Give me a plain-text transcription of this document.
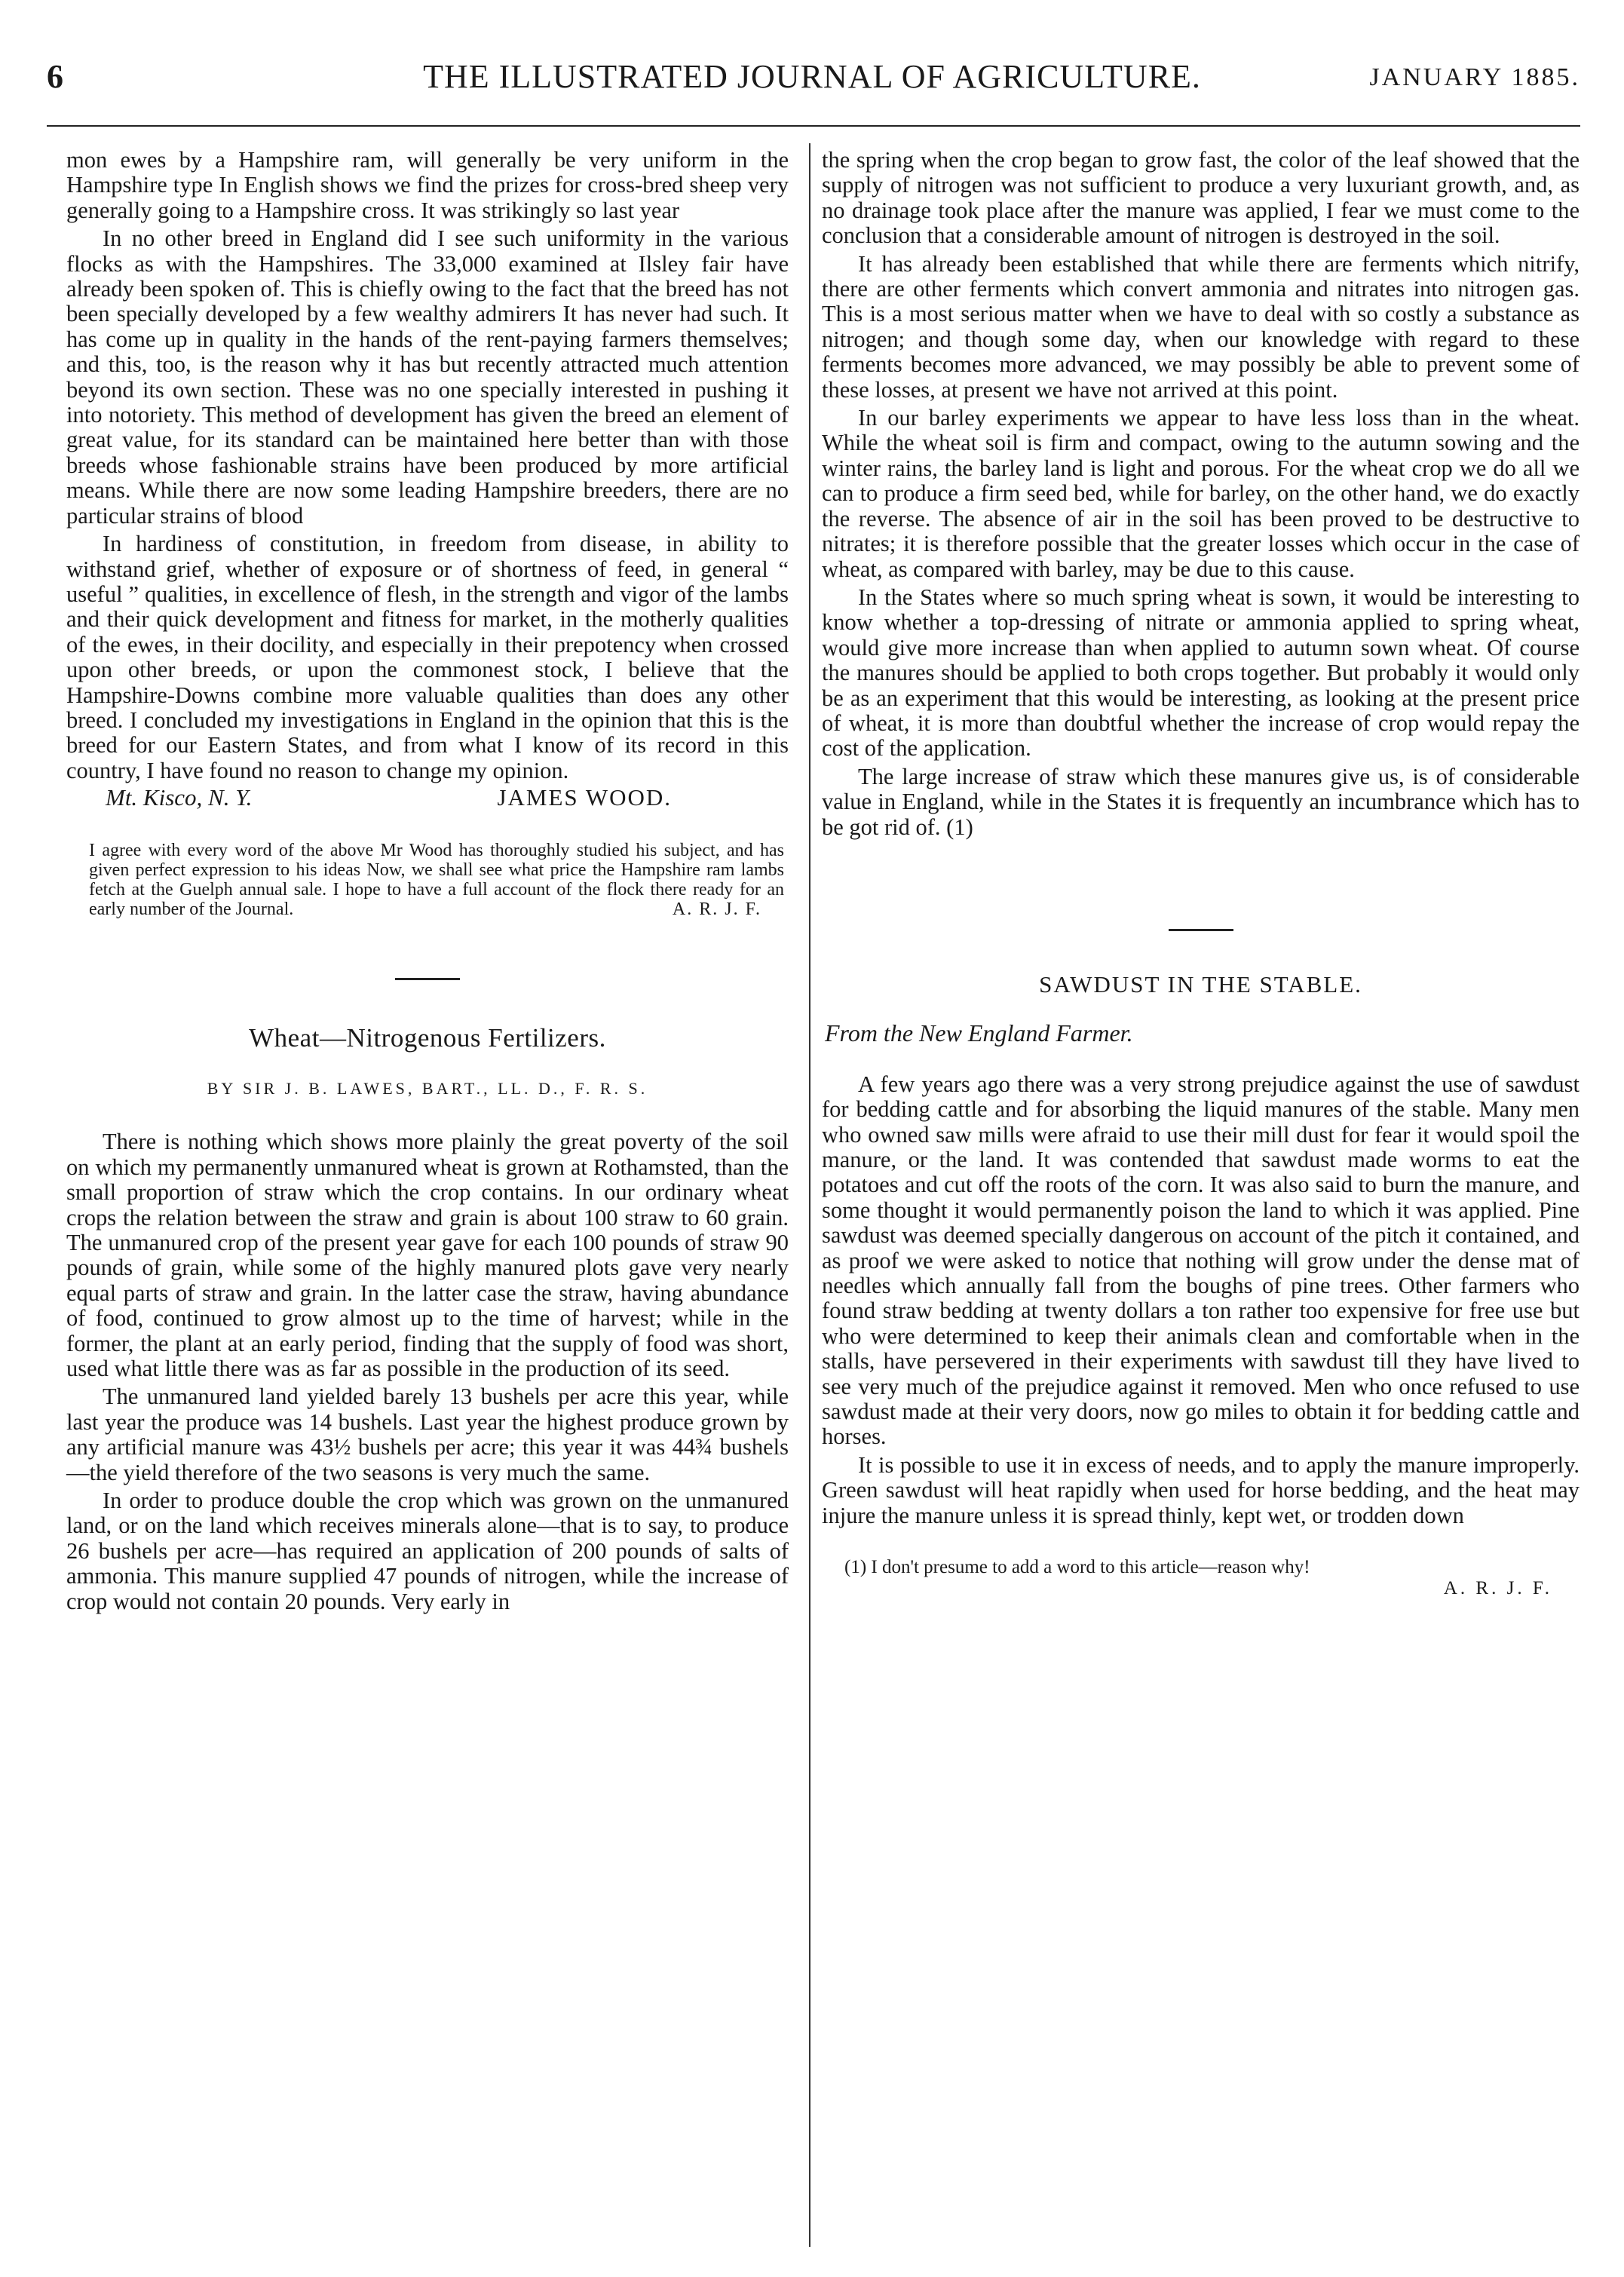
6	THE ILLUSTRATED JOURNAL OF AGRICULTURE.	JANUARY 1885.

mon ewes by a Hampshire ram, will generally be very uniform in the Hampshire type In English shows we find the prizes for cross-bred sheep very generally going to a Hampshire cross. It was strikingly so last year

In no other breed in England did I see such uniformity in the various flocks as with the Hampshires. The 33,000 examined at Ilsley fair have already been spoken of. This is chiefly owing to the fact that the breed has not been specially developed by a few wealthy admirers It has never had such. It has come up in quality in the hands of the rent-paying farmers themselves; and this, too, is the reason why it has but recently attracted much attention beyond its own section. These was no one specially interested in pushing it into notoriety. This method of development has given the breed an element of great value, for its standard can be maintained here better than with those breeds whose fashionable strains have been produced by more artificial means. While there are now some leading Hampshire breeders, there are no particular strains of blood

In hardiness of constitution, in freedom from disease, in ability to withstand grief, whether of exposure or of shortness of feed, in general “ useful ” qualities, in excellence of flesh, in the strength and vigor of the lambs and their quick development and fitness for market, in the motherly qualities of the ewes, in their docility, and especially in their prepotency when crossed upon other breeds, or upon the commonest stock, I believe that the Hampshire-Downs combine more valuable qualities than does any other breed. I concluded my investigations in England in the opinion that this is the breed for our Eastern States, and from what I know of its record in this country, I have found no reason to change my opinion.

Mt. Kisco, N. Y.	JAMES WOOD.
I agree with every word of the above Mr Wood has thoroughly studied his subject, and has given perfect expression to his ideas Now, we shall see what price the Hampshire ram lambs fetch at the Guelph annual sale. I hope to have a full account of the flock there ready for an early number of the Journal.	A. R. J. F.
Wheat—Nitrogenous Fertilizers.
BY SIR J. B. LAWES, BART., LL. D., F. R. S.

There is nothing which shows more plainly the great poverty of the soil on which my permanently unmanured wheat is grown at Rothamsted, than the small proportion of straw which the crop contains. In our ordinary wheat crops the relation between the straw and grain is about 100 straw to 60 grain. The unmanured crop of the present year gave for each 100 pounds of straw 90 pounds of grain, while some of the highly manured plots gave very nearly equal parts of straw and grain. In the latter case the straw, having abundance of food, continued to grow almost up to the time of harvest; while in the former, the plant at an early period, finding that the supply of food was short, used what little there was as far as possible in the production of its seed.

The unmanured land yielded barely 13 bushels per acre this year, while last year the produce was 14 bushels. Last year the highest produce grown by any artificial manure was 43½ bushels per acre; this year it was 44¾ bushels—the yield therefore of the two seasons is very much the same.

In order to produce double the crop which was grown on the unmanured land, or on the land which receives minerals alone—that is to say, to produce 26 bushels per acre—has required an application of 200 pounds of salts of ammonia. This manure supplied 47 pounds of nitrogen, while the increase of crop would not contain 20 pounds. Very early in

the spring when the crop began to grow fast, the color of the leaf showed that the supply of nitrogen was not sufficient to produce a very luxuriant growth, and, as no drainage took place after the manure was applied, I fear we must come to the conclusion that a considerable amount of nitrogen is destroyed in the soil.

It has already been established that while there are ferments which nitrify, there are other ferments which convert ammonia and nitrates into nitrogen gas. This is a most serious matter when we have to deal with so costly a substance as nitrogen; and though some day, when our knowledge with regard to these ferments becomes more advanced, we may possibly be able to prevent some of these losses, at present we have not arrived at this point.

In our barley experiments we appear to have less loss than in the wheat. While the wheat soil is firm and compact, owing to the autumn sowing and the winter rains, the barley land is light and porous. For the wheat crop we do all we can to produce a firm seed bed, while for barley, on the other hand, we do exactly the reverse. The absence of air in the soil has been proved to be destructive to nitrates; it is therefore possible that the greater losses which occur in the case of wheat, as compared with barley, may be due to this cause.

In the States where so much spring wheat is sown, it would be interesting to know whether a top-dressing of nitrate or ammonia applied to spring wheat, would give more increase than when applied to autumn sown wheat. Of course the manures should be applied to both crops together. But probably it would only be as an experiment that this would be interesting, as looking at the present price of wheat, it is more than doubtful whether the increase of crop would repay the cost of the application.

The large increase of straw which these manures give us, is of considerable value in England, while in the States it is frequently an incumbrance which has to be got rid of. (1)

SAWDUST IN THE STABLE.
From the New England Farmer.

A few years ago there was a very strong prejudice against the use of sawdust for bedding cattle and for absorbing the liquid manures of the stable. Many men who owned saw mills were afraid to use their mill dust for fear it would spoil the manure, or the land. It was contended that sawdust made worms to eat the potatoes and cut off the roots of the corn. It was also said to burn the manure, and some thought it would permanently poison the land to which it was applied. Pine sawdust was deemed specially dangerous on account of the pitch it contained, and as proof we were asked to notice that nothing will grow under the dense mat of needles which annually fall from the boughs of pine trees. Other farmers who found straw bedding at twenty dollars a ton rather too expensive for free use but who were determined to keep their animals clean and comfortable when in the stalls, have persevered in their experiments with sawdust till they have lived to see very much of the prejudice against it removed. Men who once refused to use sawdust made at their very doors, now go miles to obtain it for bedding cattle and horses.

It is possible to use it in excess of needs, and to apply the manure improperly. Green sawdust will heat rapidly when used for horse bedding, and the heat may injure the manure unless it is spread thinly, kept wet, or trodden down

(1) I don't presume to add a word to this article—reason why!
A. R. J. F.
